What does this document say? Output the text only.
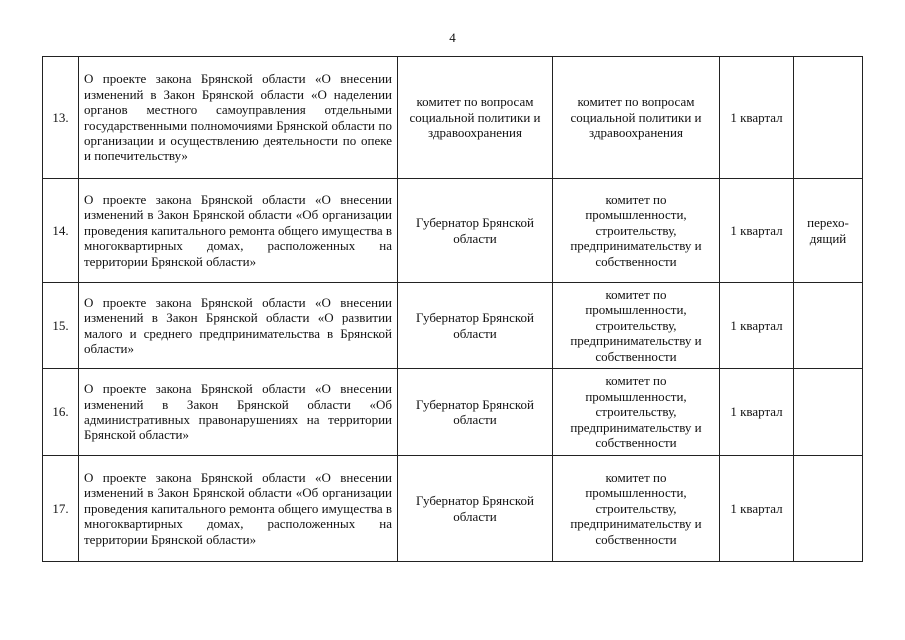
4
13.	О проекте закона Брянской области «О внесении изменений в Закон Брянской области «О наделении органов местного самоуправления отдельными государственными полномочиями Брянской области по организации и осуществлению деятельности по опеке и попечительству»	комитет по вопросам социальной политики и здравоохранения	комитет по вопросам социальной политики и здравоохранения	1 квартал	
14.	О проекте закона Брянской области «О внесении изменений в Закон Брянской области «Об организации проведения капитального ремонта общего имущества в многоквартирных домах, расположенных на территории Брянской области»	Губернатор Брянской области	комитет по промышленности, строительству, предпринимательству и собственности	1 квартал	перехо-дящий
15.	О проекте закона Брянской области «О внесении изменений в Закон Брянской области «О развитии малого и среднего предпринимательства в Брянской области»	Губернатор Брянской области	комитет по промышленности, строительству, предпринимательству и собственности	1 квартал	
16.	О проекте закона Брянской области «О внесении изменений в Закон Брянской области «Об административных правонарушениях на территории Брянской области»	Губернатор Брянской области	комитет по промышленности, строительству, предпринимательству и собственности	1 квартал	
17.	О проекте закона Брянской области «О внесении изменений в Закон Брянской области «Об организации проведения капитального ремонта общего имущества в многоквартирных домах, расположенных на территории Брянской области»	Губернатор Брянской области	комитет по промышленности, строительству, предпринимательству и собственности	1 квартал	
